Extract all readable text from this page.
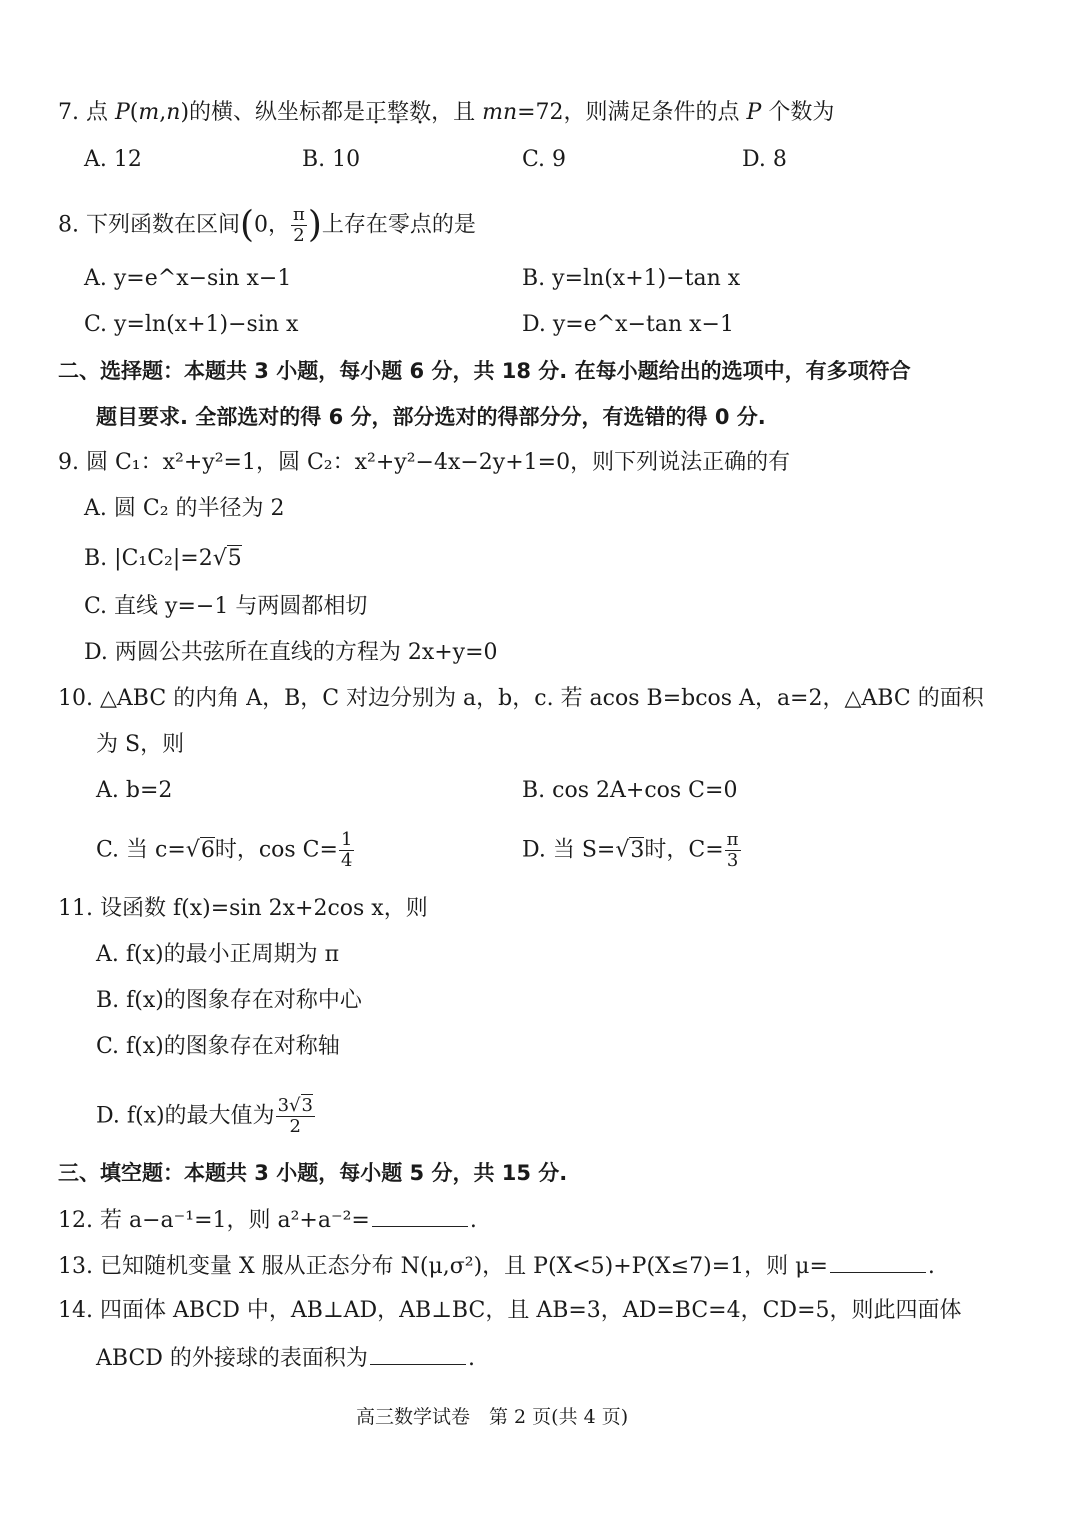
7. 点 P(m,n)的横、纵坐标都是正整数，且 mn=72，则满足条件的点 P 个数为
A. 12	B. 10	C. 9	D. 8
8. 下列函数在区间(0， $\frac{\pi}{2}$ )上存在零点的是
A. y=e^x−sin x−1	B. y=ln(x+1)−tan x
C. y=ln(x+1)−sin x	D. y=e^x−tan x−1
二、选择题：本题共 3 小题，每小题 6 分，共 18 分. 在每小题给出的选项中，有多项符合
题目要求. 全部选对的得 6 分，部分选对的得部分分，有选错的得 0 分.
9. 圆 C₁：x²+y²=1，圆 C₂：x²+y²−4x−2y+1=0，则下列说法正确的有
A. 圆 C₂ 的半径为 2
B. |C₁C₂|=2√5
C. 直线 y=−1 与两圆都相切
D. 两圆公共弦所在直线的方程为 2x+y=0
10. △ABC 的内角 A，B，C 对边分别为 a，b，c. 若 acos B=bcos A，a=2，△ABC 的面积
为 S，则
A. b=2	B. cos 2A+cos C=0
C. 当 c=√6时，$\cos C= \frac{1}{4}$	D. 当 S=√3时，$C= \frac{\pi}{3}$
11. 设函数 f(x)=sin 2x+2cos x，则
A. f(x)的最小正周期为 π
B. f(x)的图象存在对称中心
C. f(x)的图象存在对称轴
D. f(x)的最大值为 $\frac{3√3}{2}$
三、填空题：本题共 3 小题，每小题 5 分，共 15 分.
12. 若 a−a⁻¹=1，则 a²+a⁻²=	.
13. 已知随机变量 X 服从正态分布 N(μ,σ²)，且 P(X<5)+P(X≤7)=1，则 μ=	.
14. 四面体 ABCD 中，AB⊥AD，AB⊥BC，且 AB=3，AD=BC=4，CD=5，则此四面体
ABCD 的外接球的表面积为	.
高三数学试卷　第 2 页(共 4 页)
